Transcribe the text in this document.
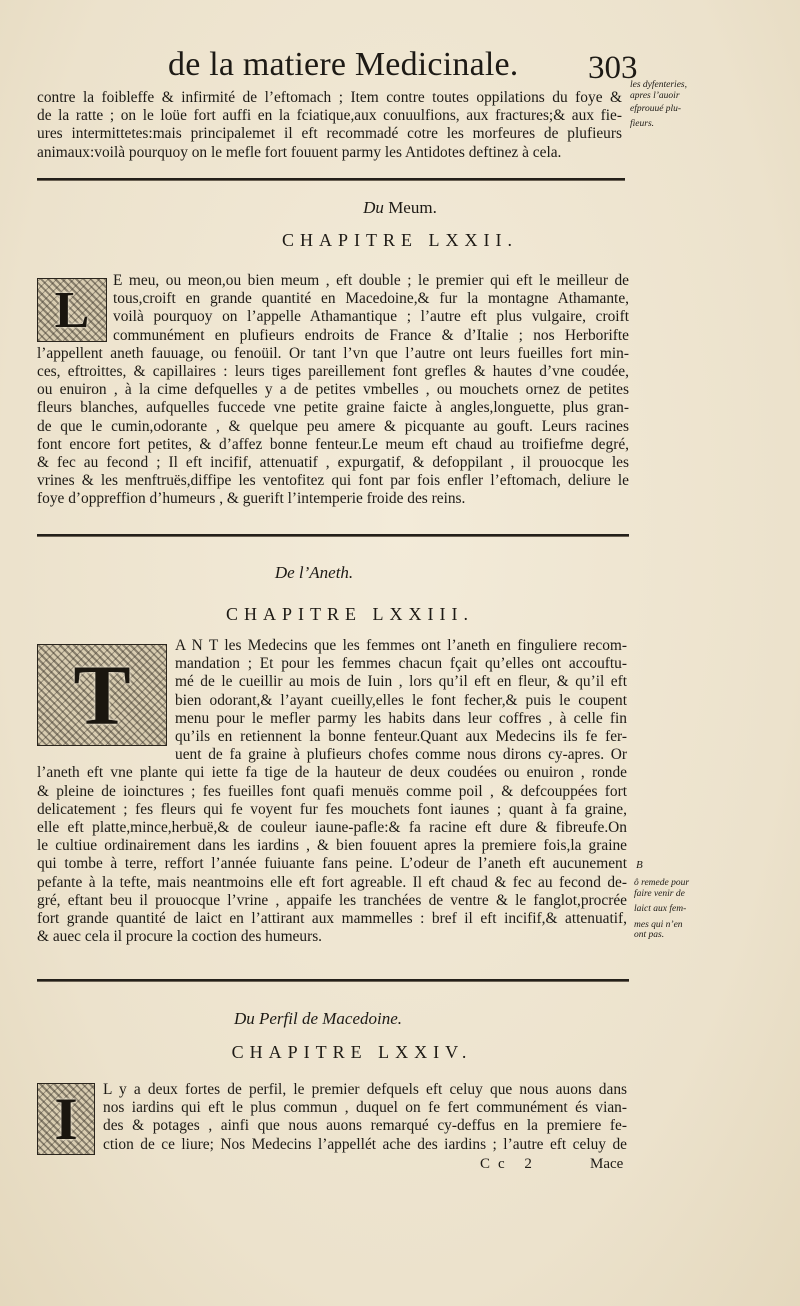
de la matiere Medicinale. 303
contre la foibleffe & infirmité de l’eftomach ; Item contre toutes oppilations du foye &
de la ratte ; on le loüe fort auffi en la fciatique,aux conuulfions, aux fractures;& aux fie-
ures intermittetes:mais principalemet il eft recommadé cotre les morfeures de plufieurs
animaux:voilà pourquoy on le mefle fort fouuent parmy les Antidotes deftinez à cela.
les dyfenteries,
apres l’auoir
efprouué plu-
fieurs.
Du Meum.
CHAPITRE LXXII.
L
E meu, ou meon,ou bien meum , eft double ; le premier qui eft le meilleur de
tous,croift en grande quantité en Macedoine,& fur la montagne Athamante,
voilà pourquoy on l’appelle Athamantique ; l’autre eft plus vulgaire, croift
communément en plufieurs endroits de France & d’Italie ; nos Herborifte
l’appellent aneth fauuage, ou fenoüil. Or tant l’vn que l’autre ont leurs fueilles fort min-
ces, eftroittes, & capillaires : leurs tiges pareillement font grefles & hautes d’vne coudée,
ou enuiron , à la cime defquelles y a de petites vmbelles , ou mouchets ornez de petites
fleurs blanches, aufquelles fuccede vne petite graine faicte à angles,longuette, plus gran-
de que le cumin,odorante , & quelque peu amere & picquante au gouft. Leurs racines
font encore fort petites, & d’affez bonne fenteur.Le meum eft chaud au troifiefme degré,
& fec au fecond ; Il eft incifif, attenuatif , expurgatif, & defoppilant , il prouocque les
vrines & les menftruës,diffipe les ventofitez qui font par fois enfler l’eftomach, deliure le
foye d’oppreffion d’humeurs , & guerift l’intemperie froide des reins.
De l’Aneth.
CHAPITRE LXXIII.
T
A N T les Medecins que les femmes ont l’aneth en finguliere recom-
mandation ; Et pour les femmes chacun fçait qu’elles ont accouftu-
mé de le cueillir au mois de Iuin , lors qu’il eft en fleur, & qu’il eft
bien odorant,& l’ayant cueilly,elles le font fecher,& puis le coupent
menu pour le mefler parmy les habits dans leur coffres , à celle fin
qu’ils en retiennent la bonne fenteur.Quant aux Medecins ils fe fer-
uent de fa graine à plufieurs chofes comme nous dirons cy-apres. Or
l’aneth eft vne plante qui iette fa tige de la hauteur de deux coudées ou enuiron , ronde
& pleine de ioinctures ; fes fueilles font quafi menuës comme poil , & defcouppées fort
delicatement ; fes fleurs qui fe voyent fur fes mouchets font iaunes ; quant à fa graine,
elle eft platte,mince,herbuë,& de couleur iaune-pafle:& fa racine eft dure & fibreufe.On
le cultiue ordinairement dans les iardins , & bien fouuent apres la premiere fois,la graine
qui tombe à terre, reffort l’année fuiuante fans peine. L’odeur de l’aneth eft aucunement
pefante à la tefte, mais neantmoins elle eft fort agreable. Il eft chaud & fec au fecond de-
gré, eftant beu il prouocque l’vrine , appaife les tranchées de ventre & le fanglot,procrée
fort grande quantité de laict en l’attirant aux mammelles : bref il eft incifif,& attenuatif,
& auec cela il procure la coction des humeurs.
B
ô remede pour
faire venir de
laict aux fem-
mes qui n’en
ont pas.
Du Perfil de Macedoine.
CHAPITRE LXXIV.
I	L y a deux fortes de perfil, le premier defquels eft celuy que nous auons dans
nos iardins qui eft le plus commun , duquel on fe fert communément és vian-
des & potages , ainfi que nous auons remarqué cy-deffus en la premiere fe-
ction de ce liure; Nos Medecins l’appellét ache des iardins ; l’autre eft celuy de
Cc 2	Mace
